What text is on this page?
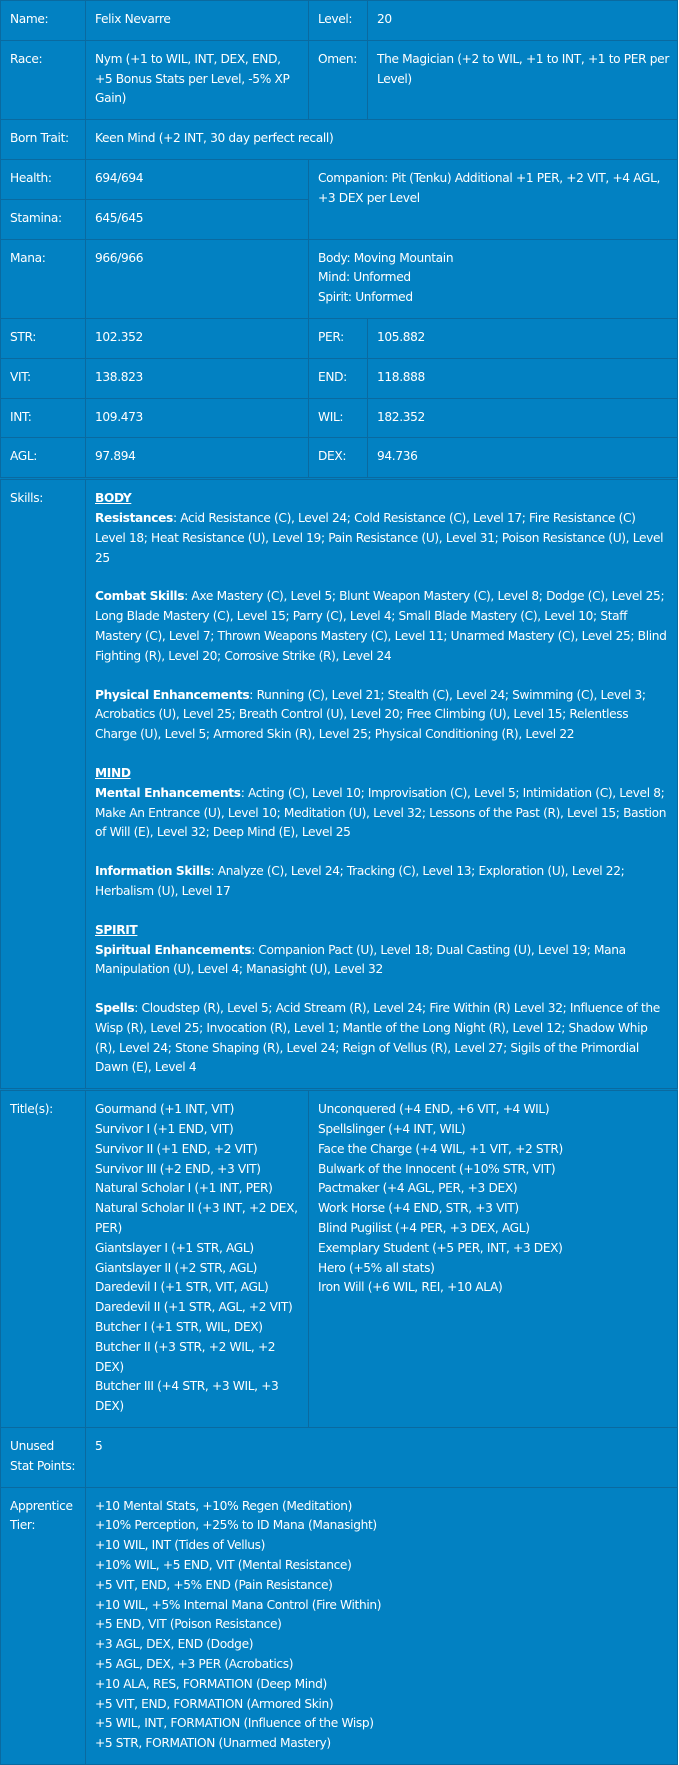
Name:	Felix Nevarre	Level:	20
Race:	Nym (+1 to WIL, INT, DEX, END, +5 Bonus Stats per Level, -5% XP Gain)	Omen:	The Magician (+2 to WIL, +1 to INT, +1 to PER per Level)
Born Trait:	Keen Mind (+2 INT, 30 day perfect recall)		
Health:	694/694	Companion: Pit (Tenku) Additional +1 PER, +2 VIT, +4 AGL, +3 DEX per Level	
Stamina:	645/645		
Mana:	966/966	Body: Moving Mountain
Mind: Unformed
Spirit: Unformed	

STR:	102.352	PER:	105.882
VIT:	138.823	END:	118.888
INT:	109.473	WIL:	182.352
AGL:	97.894	DEX:	94.736
Skills:	BODY
Resistances: Acid Resistance (C), Level 24; Cold Resistance (C), Level 17; Fire Resistance (C) Level 18; Heat Resistance (U), Level 19; Pain Resistance (U), Level 31; Poison Resistance (U), Level 25
Combat Skills: Axe Mastery (C), Level 5; Blunt Weapon Mastery (C), Level 8; Dodge (C), Level 25; Long Blade Mastery (C), Level 15; Parry (C), Level 4; Small Blade Mastery (C), Level 10; Staff Mastery (C), Level 7; Thrown Weapons Mastery (C), Level 11; Unarmed Mastery (C), Level 25; Blind Fighting (R), Level 20; Corrosive Strike (R), Level 24
Physical Enhancements: Running (C), Level 21; Stealth (C), Level 24; Swimming (C), Level 3; Acrobatics (U), Level 25; Breath Control (U), Level 20; Free Climbing (U), Level 15; Relentless Charge (U), Level 5; Armored Skin (R), Level 25; Physical Conditioning (R), Level 22
MIND
Mental Enhancements: Acting (C), Level 10; Improvisation (C), Level 5; Intimidation (C), Level 8; Make An Entrance (U), Level 10; Meditation (U), Level 32; Lessons of the Past (R), Level 15; Bastion of Will (E), Level 32; Deep Mind (E), Level 25
Information Skills: Analyze (C), Level 24; Tracking (C), Level 13; Exploration (U), Level 22; Herbalism (U), Level 17
SPIRIT
Spiritual Enhancements: Companion Pact (U), Level 18; Dual Casting (U), Level 19; Mana Manipulation (U), Level 4; Manasight (U), Level 32
Spells: Cloudstep (R), Level 5; Acid Stream (R), Level 24; Fire Within (R) Level 32; Influence of the Wisp (R), Level 25; Invocation (R), Level 1; Mantle of the Long Night (R), Level 12; Shadow Whip (R), Level 24; Stone Shaping (R), Level 24; Reign of Vellus (R), Level 27; Sigils of the Primordial Dawn (E), Level 4

Title(s):	Gourmand (+1 INT, VIT)
Survivor I (+1 END, VIT)
Survivor II (+1 END, +2 VIT)
Survivor III (+2 END, +3 VIT)
Natural Scholar I (+1 INT, PER)
Natural Scholar II (+3 INT, +2 DEX, PER)
Giantslayer I (+1 STR, AGL)
Giantslayer II (+2 STR, AGL)
Daredevil I (+1 STR, VIT, AGL)
Daredevil II (+1 STR, AGL, +2 VIT)
Butcher I (+1 STR, WIL, DEX)
Butcher II (+3 STR, +2 WIL, +2 DEX)
Butcher III (+4 STR, +3 WIL, +3 DEX)

Unconquered (+4 END, +6 VIT, +4 WIL)
Spellslinger (+4 INT, WIL)
Face the Charge (+4 WIL, +1 VIT, +2 STR)
Bulwark of the Innocent (+10% STR, VIT)
Pactmaker (+4 AGL, PER, +3 DEX)
Work Horse (+4 END, STR, +3 VIT)
Blind Pugilist (+4 PER, +3 DEX, AGL)
Exemplary Student (+5 PER, INT, +3 DEX)
Hero (+5% all stats)
Iron Will (+6 WIL, REI, +10 ALA)

Unused Stat Points:	5		
Apprentice Tier:	
+10 Mental Stats, +10% Regen (Meditation)
+10% Perception, +25% to ID Mana (Manasight)
+10 WIL, INT (Tides of Vellus)
+10% WIL, +5 END, VIT (Mental Resistance)
+5 VIT, END, +5% END (Pain Resistance)
+10 WIL, +5% Internal Mana Control (Fire Within)
+5 END, VIT (Poison Resistance)
+3 AGL, DEX, END (Dodge)
+5 AGL, DEX, +3 PER (Acrobatics)
+10 ALA, RES, FORMATION (Deep Mind)
+5 VIT, END, FORMATION (Armored Skin)
+5 WIL, INT, FORMATION (Influence of the Wisp)
+5 STR, FORMATION (Unarmed Mastery)
